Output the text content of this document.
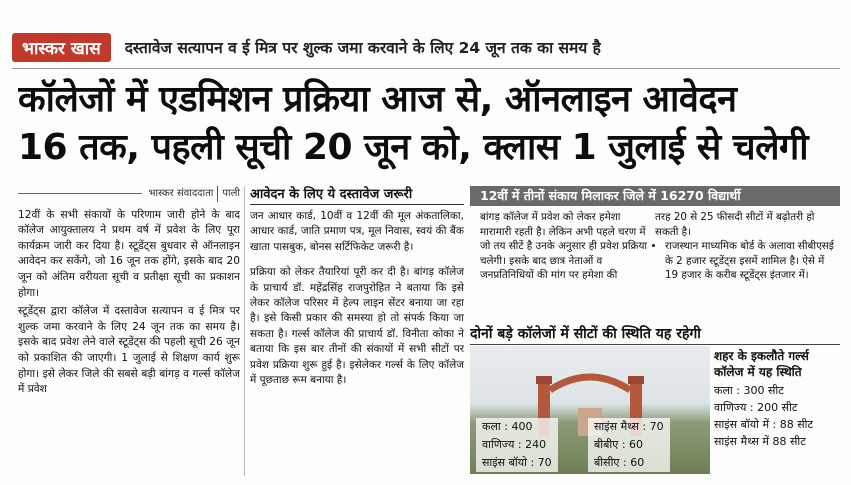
भास्कर खास	दस्तावेज सत्यापन व ई मित्र पर शुल्क जमा करवाने के लिए 24 जून तक का समय है
कॉलेजों में एडमिशन प्रक्रिया आज से, ऑनलाइन आवेदन
16 तक, पहली सूची 20 जून को, क्लास 1 जुलाई से चलेगी
भास्कर संवाददाता पाली

12वीं के सभी संकायों के परिणाम जारी होने के बाद कॉलेज आयुक्तालय ने प्रथम वर्ष में प्रवेश के लिए पूरा कार्यक्रम जारी कर दिया है। स्टूडेंट्स बुधवार से ऑनलाइन आवेदन कर सकेंगे, जो 16 जून तक होंगे, इसके बाद 20 जून को अंतिम वरीयता सूची व प्रतीक्षा सूची का प्रकाशन होगा।

स्टूडेंट्स द्वारा कॉलेज में दस्तावेज सत्यापन व ई मित्र पर शुल्क जमा करवाने के लिए 24 जून तक का समय है। इसके बाद प्रवेश लेने वाले स्टूडेंट्स की पहली सूची 26 जून को प्रकाशित की जाएगी। 1 जुलाई से शिक्षण कार्य शुरू होगा। इसे लेकर जिले की सबसे बड़ी बांगड़ व गर्ल्स कॉलेज में प्रवेश

आवेदन के लिए ये दस्तावेज जरूरी

जन आधार कार्ड, 10वीं व 12वीं की मूल अंकतालिका, आधार कार्ड, जाति प्रमाण पत्र, मूल निवास, स्वयं की बैंक खाता पासबुक, बोनस सर्टिफिकेट जरूरी है।

प्रक्रिया को लेकर तैयारियां पूरी कर दी है। बांगड़ कॉलेज के प्राचार्य डॉ. महेंद्रसिंह राजपुरोहित ने बताया कि इसे लेकर कॉलेज परिसर में हेल्प लाइन सेंटर बनाया जा रहा है। इसे किसी प्रकार की समस्या हो तो संपर्क किया जा सकता है। गर्ल्स कॉलेज की प्राचार्य डॉ. विनीता कोका ने बताया कि इस बार तीनों की संकायों में सभी सीटों पर प्रवेश प्रक्रिया शुरू हुई है। इसेलेकर गर्ल्स के लिए कॉलेज में पूछताछ रूम बनाया है।

12वीं में तीनों संकाय मिलाकर जिले में 16270 विद्यार्थी
• बांगड़ कॉलेज में प्रवेश को लेकर हमेशा मारामारी रहती है। लेकिन अभी पहले चरण में जो तय सीटें है उनके अनुसार ही प्रवेश प्रक्रिया चलेगी। इसके बाद छात्र नेताओं व जनप्रतिनिधियों की मांग पर हमेशा की

तरह 20 से 25 फीसदी सीटों में बढ़ोतरी हो सकती है।

• राजस्थान माध्यमिक बोर्ड के अलावा सीबीएसई के 2 हजार स्टूडेंट्स इसमें शामिल है। ऐसे में 19 हजार के करीब स्टूडेंट्स इंतजार में।
दोनों बड़े कॉलेजों में सीटों की स्थिति यह रहेगी
कला : 400
वाणिज्य : 240
साइंस बॉयो : 70
साइंस मैथ्स : 70
बीबीए : 60
बीसीए : 60
शहर के इकलौते गर्ल्स कॉलेज में यह स्थिति
कला : 300 सीट
वाणिज्य : 200 सीट
साइंस बॉयो में : 88 सीट
साइंस मैथ्स में 88 सीट
